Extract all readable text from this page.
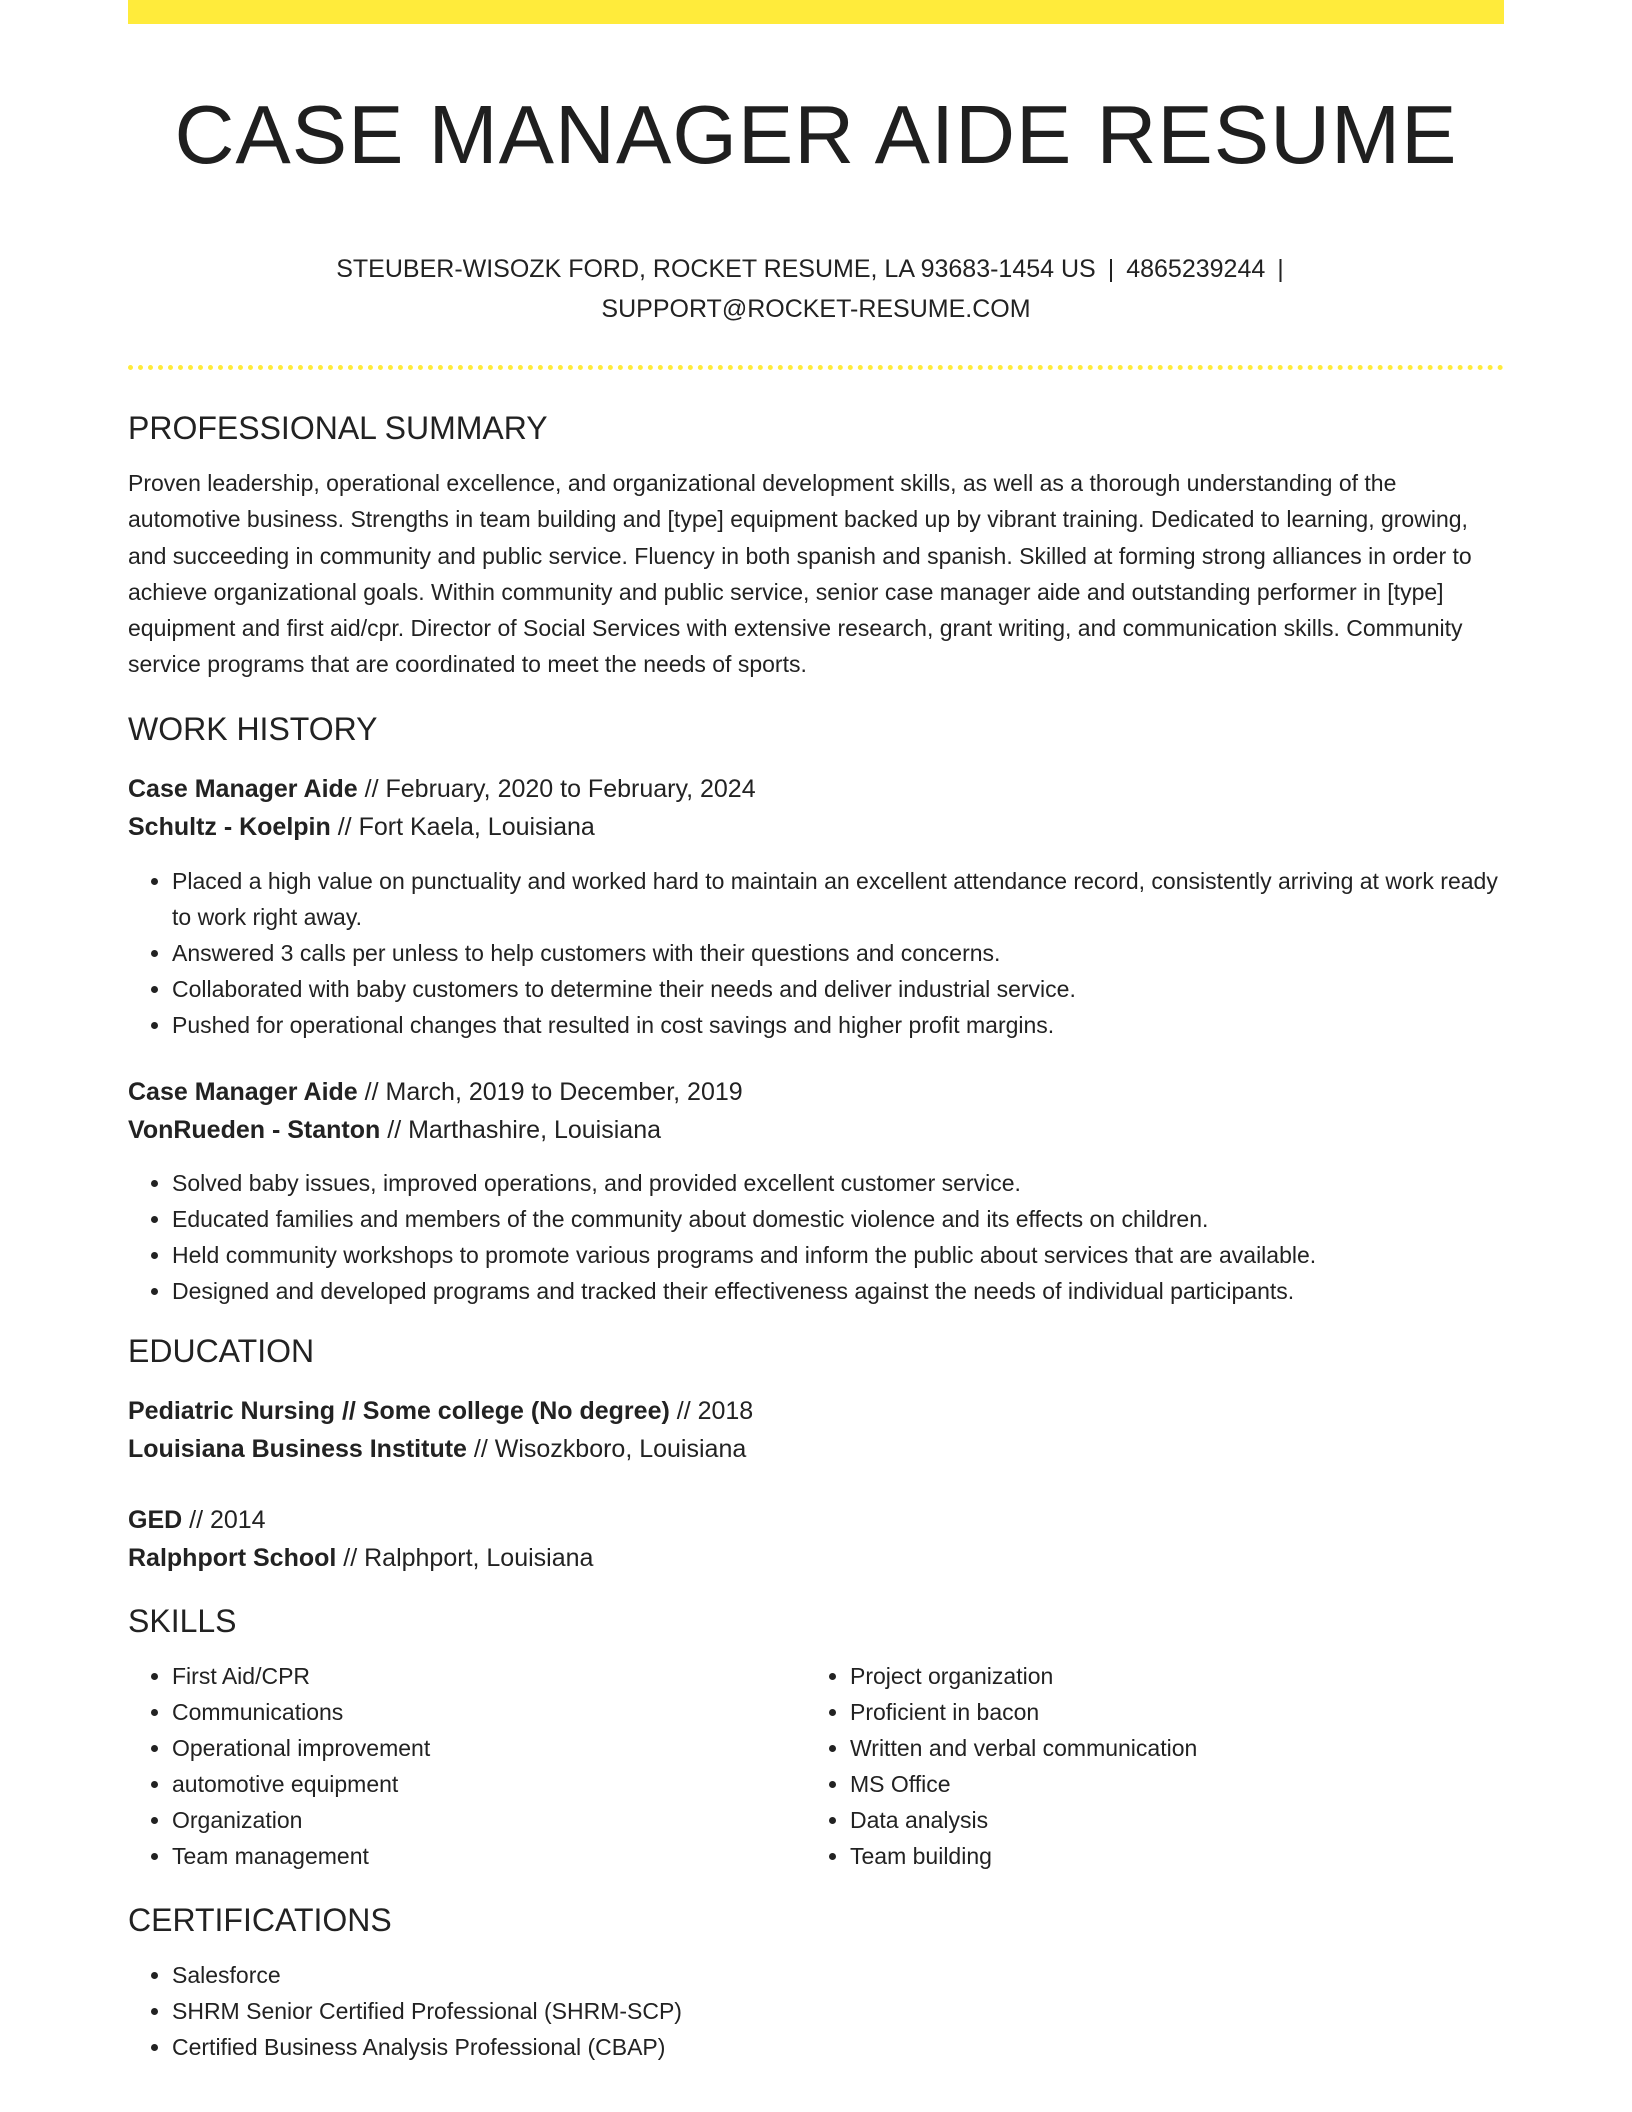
CASE MANAGER AIDE RESUME
STEUBER-WISOZK FORD, ROCKET RESUME, LA 93683-1454 US | 4865239244 |
SUPPORT@ROCKET-RESUME.COM
PROFESSIONAL SUMMARY

Proven leadership, operational excellence, and organizational development skills, as well as a thorough understanding of the automotive business. Strengths in team building and [type] equipment backed up by vibrant training. Dedicated to learning, growing, and succeeding in community and public service. Fluency in both spanish and spanish. Skilled at forming strong alliances in order to achieve organizational goals. Within community and public service, senior case manager aide and outstanding performer in [type] equipment and first aid/cpr. Director of Social Services with extensive research, grant writing, and communication skills. Community service programs that are coordinated to meet the needs of sports.

WORK HISTORY

Case Manager Aide // February, 2020 to February, 2024

Schultz - Koelpin // Fort Kaela, Louisiana

• Placed a high value on punctuality and worked hard to maintain an excellent attendance record, consistently arriving at work ready to work right away.
• Answered 3 calls per unless to help customers with their questions and concerns.
• Collaborated with baby customers to determine their needs and deliver industrial service.
• Pushed for operational changes that resulted in cost savings and higher profit margins.

Case Manager Aide // March, 2019 to December, 2019

VonRueden - Stanton // Marthashire, Louisiana

• Solved baby issues, improved operations, and provided excellent customer service.
• Educated families and members of the community about domestic violence and its effects on children.
• Held community workshops to promote various programs and inform the public about services that are available.
• Designed and developed programs and tracked their effectiveness against the needs of individual participants.
EDUCATION

Pediatric Nursing // Some college (No degree) // 2018

Louisiana Business Institute // Wisozkboro, Louisiana

GED // 2014

Ralphport School // Ralphport, Louisiana

SKILLS
• First Aid/CPR
• Communications
• Operational improvement
• automotive equipment
• Organization
• Team management
• Project organization
• Proficient in bacon
• Written and verbal communication
• MS Office
• Data analysis
• Team building
CERTIFICATIONS
• Salesforce
• SHRM Senior Certified Professional (SHRM-SCP)
• Certified Business Analysis Professional (CBAP)
